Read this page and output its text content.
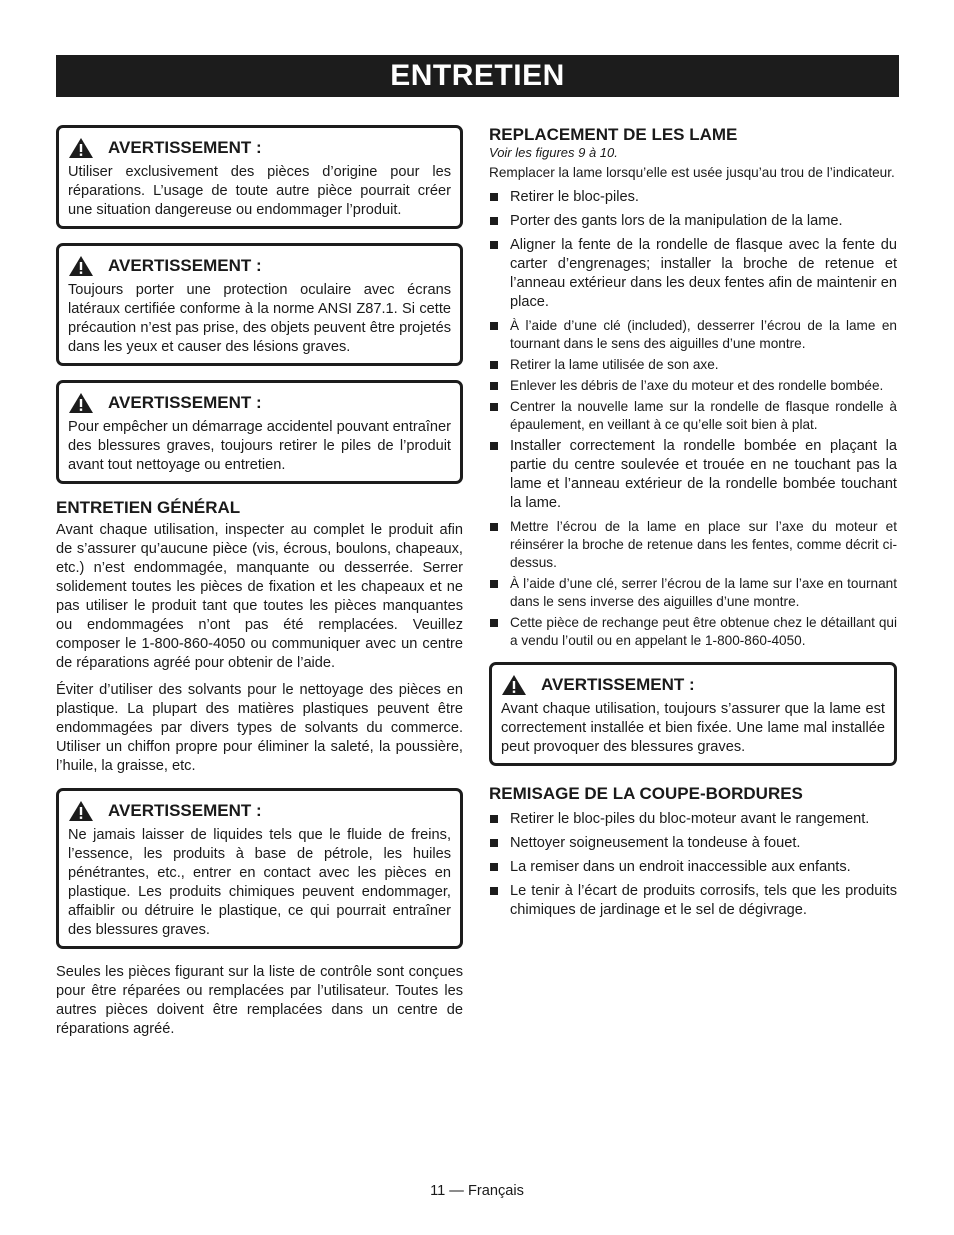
ENTRETIEN
AVERTISSEMENT :

Utiliser exclusivement des pièces d’origine pour les réparations. L’usage de toute autre pièce pourrait créer une situation dangereuse ou endommager l’produit.

AVERTISSEMENT :

Toujours porter une protection oculaire avec écrans latéraux certifiée conforme à la norme ANSI Z87.1. Si cette précaution n’est pas prise, des objets peuvent être projetés dans les yeux et causer des lésions graves.

AVERTISSEMENT :

Pour empêcher un démarrage accidentel pouvant entraîner des blessures graves, toujours retirer le piles de l’produit avant tout nettoyage ou entretien.

ENTRETIEN GÉNÉRAL

Avant chaque utilisation, inspecter au complet le produit afin de s’assurer qu’aucune pièce (vis, écrous, boulons, chapeaux, etc.) n’est endommagée, manquante ou desserrée. Serrer solidement toutes les pièces de fixation et les chapeaux et ne pas utiliser le produit tant que toutes les pièces manquantes ou endommagées n’ont pas été remplacées. Veuillez composer le 1-800-860-4050 ou communiquer avec un centre de réparations agréé pour obtenir de l’aide.

Éviter d’utiliser des solvants pour le nettoyage des pièces en plastique. La plupart des matières plastiques peuvent être endommagées par divers types de solvants du commerce. Utiliser un chiffon propre pour éliminer la saleté, la poussière, l’huile, la graisse, etc.

AVERTISSEMENT :

Ne jamais laisser de liquides tels que le fluide de freins, l’essence, les produits à base de pétrole, les huiles pénétrantes, etc., entrer en contact avec les pièces en plastique. Les produits chimiques peuvent endommager, affaiblir ou détruire le plastique, ce qui pourrait entraîner des blessures graves.

Seules les pièces figurant sur la liste de contrôle sont conçues pour être réparées ou remplacées par l’utilisateur. Toutes les autres pièces doivent être remplacées dans un centre de réparations agréé.

REPLACEMENT DE LES LAME

Voir les figures 9 à 10.

Remplacer la lame lorsqu’elle est usée jusqu’au trou de l’indicateur.

Retirer le bloc-piles.
Porter des gants lors de la manipulation de la lame.
Aligner la fente de la rondelle de flasque avec la fente du carter d’engrenages; installer la broche de retenue et l’anneau extérieur dans les deux fentes afin de maintenir en place.
À l’aide d’une clé (included), desserrer l’écrou de la lame en tournant dans le sens des aiguilles d’une montre.
Retirer la lame utilisée de son axe.
Enlever les débris de l’axe du moteur et des rondelle bombée.
Centrer la nouvelle lame sur la rondelle de flasque rondelle à épaulement, en veillant à ce qu’elle soit bien à plat.
Installer correctement la rondelle bombée en plaçant la partie du centre soulevée et trouée en ne touchant pas la lame et l’anneau extérieur de la rondelle bombée touchant la lame.
Mettre l’écrou de la lame en place sur l’axe du moteur et réinsérer la broche de retenue dans les fentes, comme décrit ci-dessus.
À l’aide d’une clé, serrer l’écrou de la lame sur l’axe en tournant dans le sens inverse des aiguilles d’une montre.
Cette pièce de rechange peut être obtenue chez le détaillant qui a vendu l’outil ou en appelant le 1-800-860-4050.
AVERTISSEMENT :

Avant chaque utilisation, toujours s’assurer que la lame est correctement installée et bien fixée. Une lame mal installée peut provoquer des blessures graves.

REMISAGE DE LA COUPE-BORDURES
Retirer le bloc-piles du bloc-moteur avant le rangement.
Nettoyer soigneusement la tondeuse à fouet.
La remiser dans un endroit inaccessible aux enfants.
Le tenir à l’écart de produits corrosifs, tels que les produits chimiques de jardinage et le sel de dégivrage.
11 — Français
